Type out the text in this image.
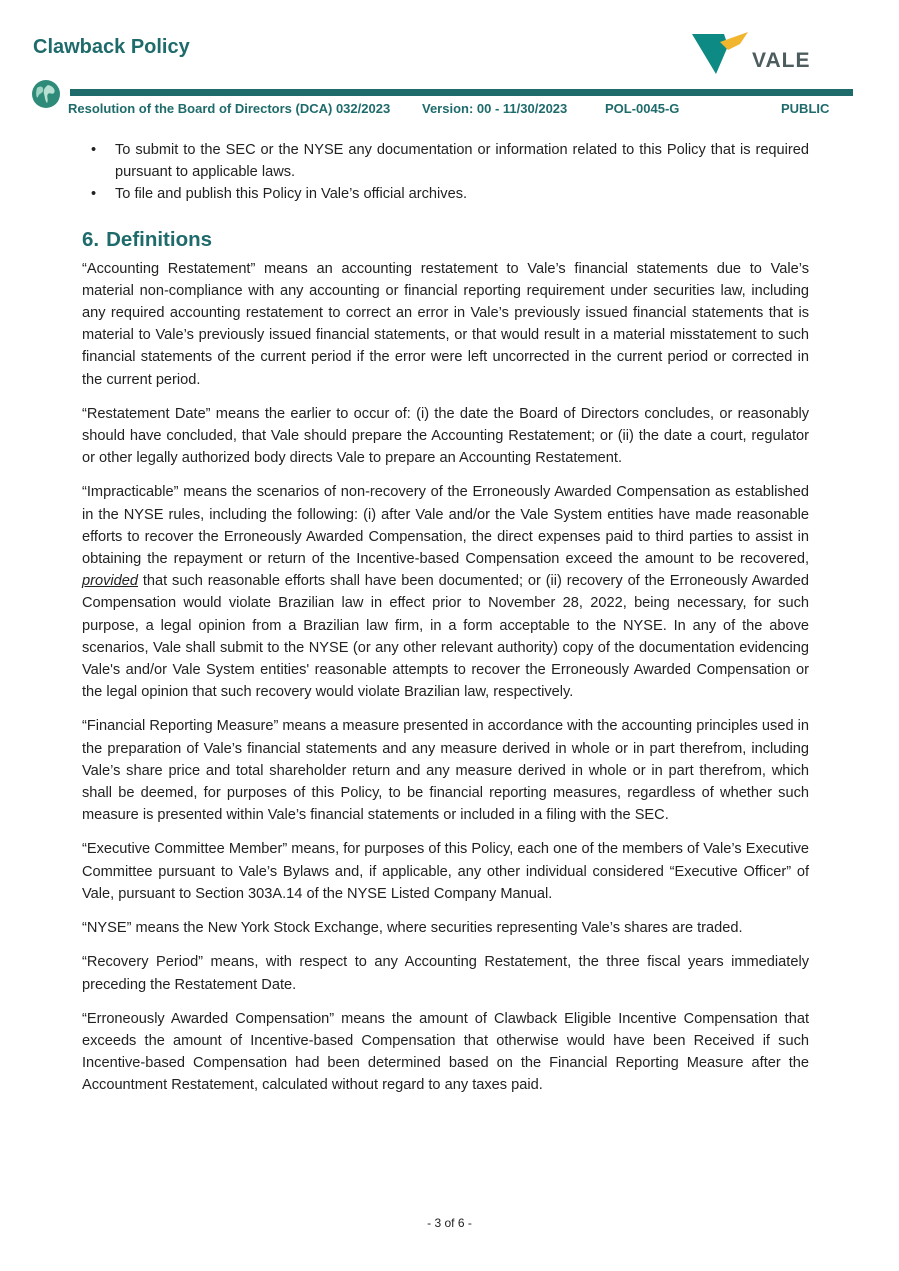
Clawback Policy
VALE
Resolution of the Board of Directors (DCA) 032/2023 Version: 00 - 11/30/2023	POL-0045-G	PUBLIC
• To submit to the SEC or the NYSE any documentation or information related to this Policy that is required pursuant to applicable laws.
• To file and publish this Policy in Vale’s official archives.
6. Definitions

“Accounting Restatement” means an accounting restatement to Vale’s financial statements due to Vale’s material non-compliance with any accounting or financial reporting requirement under securities law, including any required accounting restatement to correct an error in Vale’s previously issued financial statements that is material to Vale’s previously issued financial statements, or that would result in a material misstatement to such financial statements of the current period if the error were left uncorrected in the current period or corrected in the current period.

“Restatement Date” means the earlier to occur of: (i) the date the Board of Directors concludes, or reasonably should have concluded, that Vale should prepare the Accounting Restatement; or (ii) the date a court, regulator or other legally authorized body directs Vale to prepare an Accounting Restatement.

“Impracticable” means the scenarios of non-recovery of the Erroneously Awarded Compensation as established in the NYSE rules, including the following: (i) after Vale and/or the Vale System entities have made reasonable efforts to recover the Erroneously Awarded Compensation, the direct expenses paid to third parties to assist in obtaining the repayment or return of the Incentive-based Compensation exceed the amount to be recovered, provided that such reasonable efforts shall have been documented; or (ii) recovery of the Erroneously Awarded Compensation would violate Brazilian law in effect prior to November 28, 2022, being necessary, for such purpose, a legal opinion from a Brazilian law firm, in a form acceptable to the NYSE. In any of the above scenarios, Vale shall submit to the NYSE (or any other relevant authority) copy of the documentation evidencing Vale's and/or Vale System entities' reasonable attempts to recover the Erroneously Awarded Compensation or the legal opinion that such recovery would violate Brazilian law, respectively.

“Financial Reporting Measure” means a measure presented in accordance with the accounting principles used in the preparation of Vale’s financial statements and any measure derived in whole or in part therefrom, including Vale’s share price and total shareholder return and any measure derived in whole or in part therefrom, which shall be deemed, for purposes of this Policy, to be financial reporting measures, regardless of whether such measure is presented within Vale’s financial statements or included in a filing with the SEC.

“Executive Committee Member” means, for purposes of this Policy, each one of the members of Vale’s Executive Committee pursuant to Vale’s Bylaws and, if applicable, any other individual considered “Executive Officer” of Vale, pursuant to Section 303A.14 of the NYSE Listed Company Manual.

“NYSE” means the New York Stock Exchange, where securities representing Vale’s shares are traded.

“Recovery Period” means, with respect to any Accounting Restatement, the three fiscal years immediately preceding the Restatement Date.

“Erroneously Awarded Compensation” means the amount of Clawback Eligible Incentive Compensation that exceeds the amount of Incentive-based Compensation that otherwise would have been Received if such Incentive-based Compensation had been determined based on the Financial Reporting Measure after the Accountment Restatement, calculated without regard to any taxes paid.

- 3 of 6 -
